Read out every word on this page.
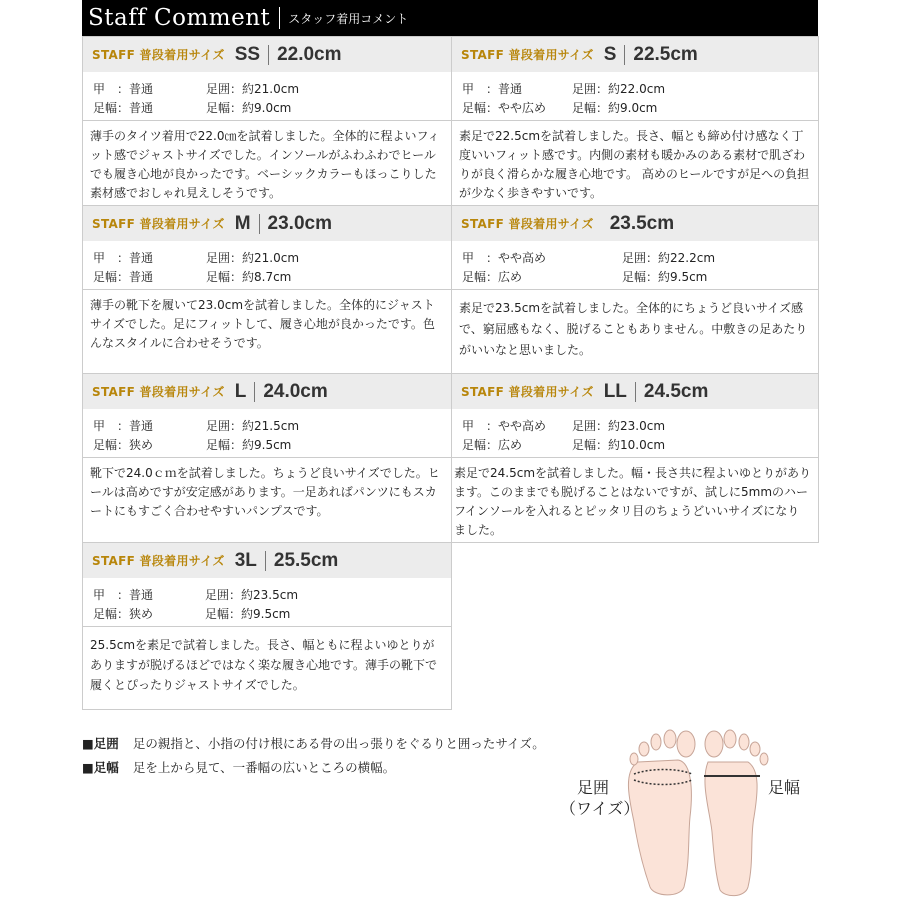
Staff Comment スタッフ着用コメント
STAFF 普段着用サイズ SS 22.0cm
甲　：普通	足囲：約21.0cm
足幅：普通	足幅：約9.0cm
薄手のタイツ着用で22.0㎝を試着しました。全体的に程よいフィット感でジャストサイズでした。インソールがふわふわでヒールでも履き心地が良かったです。ベーシックカラーもほっこりした素材感でおしゃれ見えしそうです。
STAFF 普段着用サイズ S 22.5cm
甲　：普通	足囲：約22.0cm
足幅：やや広め	足幅：約9.0cm
素足で22.5cmを試着しました。長さ、幅とも締め付け感なく丁度いいフィット感です。内側の素材も暖かみのある素材で肌ざわりが良く滑らかな履き心地です。 高めのヒールですが足への負担が少なく歩きやすいです。
STAFF 普段着用サイズ M 23.0cm
甲　：普通	足囲：約21.0cm
足幅：普通	足幅：約8.7cm
薄手の靴下を履いて23.0cmを試着しました。全体的にジャストサイズでした。足にフィットして、履き心地が良かったです。色んなスタイルに合わせそうです。
STAFF 普段着用サイズ 23.5cm
甲　：やや高め	足囲：約22.2cm
足幅：広め	足幅：約9.5cm
素足で23.5cmを試着しました。全体的にちょうど良いサイズ感で、窮屈感もなく、脱げることもありません。中敷きの足あたりがいいなと思いました。
STAFF 普段着用サイズ L 24.0cm
甲　：普通	足囲：約21.5cm
足幅：狭め	足幅：約9.5cm
靴下で24.0ｃｍを試着しました。ちょうど良いサイズでした。ヒールは高めですが安定感があります。一足あればパンツにもスカートにもすごく合わせやすいパンプスです。
STAFF 普段着用サイズ LL 24.5cm
甲　：やや高め	足囲：約23.0cm
足幅：広め	足幅：約10.0cm
素足で24.5cmを試着しました。幅・長さ共に程よいゆとりがあります。このままでも脱げることはないですが、試しに5mmのハーフインソールを入れるとピッタリ目のちょうどいいサイズになりました。
STAFF 普段着用サイズ 3L 25.5cm
甲　：普通	足囲：約23.5cm
足幅：狭め	足幅：約9.5cm
25.5cmを素足で試着しました。長さ、幅ともに程よいゆとりがありますが脱げるほどではなく楽な履き心地です。薄手の靴下で履くとぴったりジャストサイズでした。
■足囲 足の親指と、小指の付け根にある骨の出っ張りをぐるりと囲ったサイズ。
■足幅 足を上から見て、一番幅の広いところの横幅。
足囲
（ワイズ）
足幅
